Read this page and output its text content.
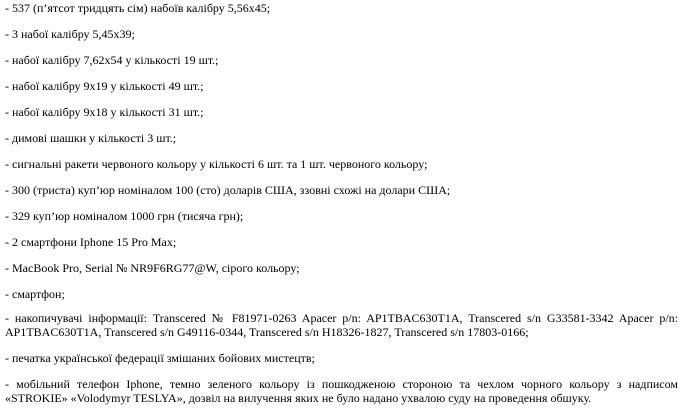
- 537 (п’ятсот тридцять сім) набоїв калібру 5,56х45;
- 3 набої калібру 5,45х39;
- набої калібру 7,62х54 у кількості 19 шт.;
- набої калібру 9х19 у кількості 49 шт.;
- набої калібру 9х18 у кількості 31 шт.;
- димові шашки у кількості 3 шт.;
- сигнальні ракети червоного кольору у кількості 6 шт. та 1 шт. червоного кольору;
- 300 (триста) куп’юр номіналом 100 (сто) доларів США, ззовні схожі на долари США;
- 329 куп’юр номіналом 1000 грн (тисяча грн);
- 2 смартфони Iphone 15 Pro Max;
- MacBook Pro, Serial № NR9F6RG77@W, сірого кольору;
- смартфон;
- накопичувачі інформації: Transcered № F81971-0263 Apacer p/n: AP1TBAC630T1A, Transcered s/n G33581-3342 Apacer p/n: AP1TBAC630T1A, Transcered s/n G49116-0344, Transcered s/n H18326-1827, Transcered s/n 17803-0166;
- печатка української федерації змішаних бойових мистецтв;
- мобільний телефон Iphone, темно зеленого кольору із пошкодженою стороною та чехлом чорного кольору з надписом «STROKIE» «Volodymyr TESLYA», дозвіл на вилучення яких не було надано ухвалою суду на проведення обшуку.
